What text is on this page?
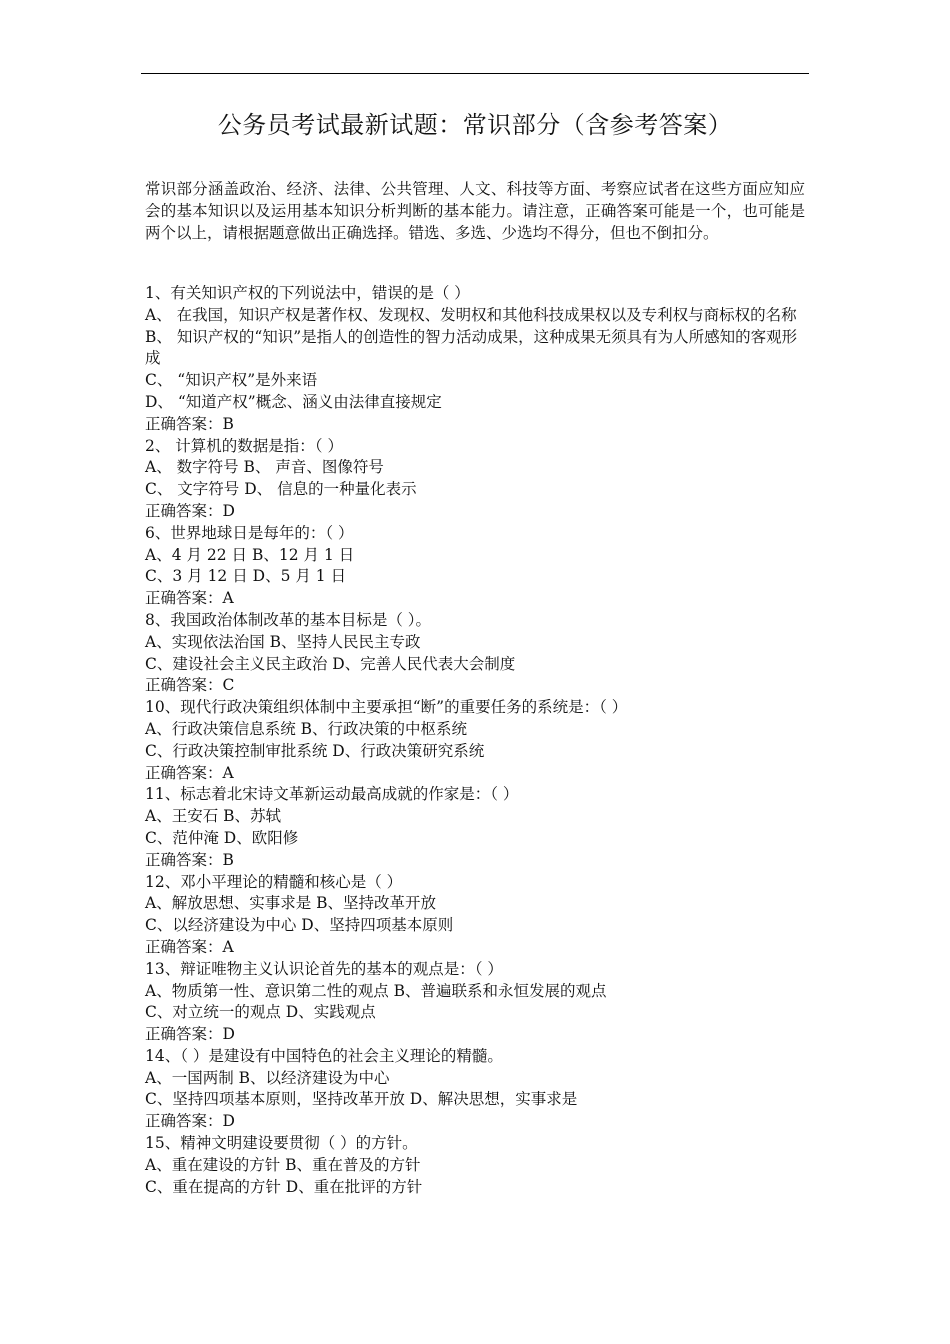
公务员考试最新试题：常识部分（含参考答案）
常识部分涵盖政治、经济、法律、公共管理、人文、科技等方面、考察应试者在这些方面应知应会的基本知识以及运用基本知识分析判断的基本能力。请注意，正确答案可能是一个，也可能是两个以上，请根据题意做出正确选择。错选、多选、少选均不得分，但也不倒扣分。
1、有关知识产权的下列说法中，错误的是（ ）
A、 在我国，知识产权是著作权、发现权、发明权和其他科技成果权以及专利权与商标权的名称
B、 知识产权的“知识”是指人的创造性的智力活动成果，这种成果无须具有为人所感知的客观形成
C、 “知识产权”是外来语
D、 “知道产权”概念、涵义由法律直接规定
正确答案：B
2、 计算机的数据是指：（ ）
A、 数字符号 B、 声音、图像符号
C、 文字符号 D、 信息的一种量化表示
正确答案：D
6、世界地球日是每年的：（ ）
A、4 月 22 日 B、12 月 1 日
C、3 月 12 日 D、5 月 1 日
正确答案：A
8、我国政治体制改革的基本目标是（ ）。
A、实现依法治国 B、坚持人民民主专政
C、建设社会主义民主政治 D、完善人民代表大会制度
正确答案：C
10、现代行政决策组织体制中主要承担“断”的重要任务的系统是：（ ）
A、行政决策信息系统 B、行政决策的中枢系统
C、行政决策控制审批系统 D、行政决策研究系统
正确答案：A
11、标志着北宋诗文革新运动最高成就的作家是：（ ）
A、王安石 B、苏轼
C、范仲淹 D、欧阳修
正确答案：B
12、邓小平理论的精髓和核心是（ ）
A、解放思想、实事求是 B、坚持改革开放
C、以经济建设为中心 D、坚持四项基本原则
正确答案：A
13、辩证唯物主义认识论首先的基本的观点是：（ ）
A、物质第一性、意识第二性的观点 B、普遍联系和永恒发展的观点
C、对立统一的观点 D、实践观点
正确答案：D
14、（ ）是建设有中国特色的社会主义理论的精髓。
A、一国两制 B、以经济建设为中心
C、坚持四项基本原则，坚持改革开放 D、解决思想，实事求是
正确答案：D
15、精神文明建设要贯彻（ ）的方针。
A、重在建设的方针 B、重在普及的方针
C、重在提高的方针 D、重在批评的方针
